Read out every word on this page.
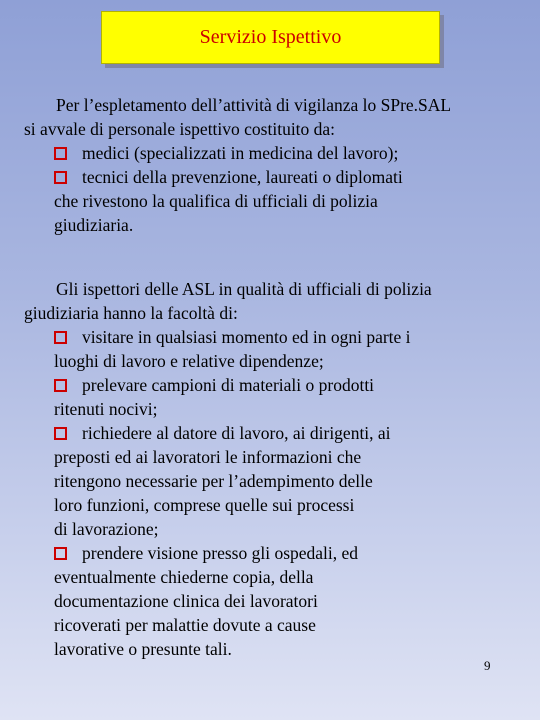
Servizio Ispettivo
Per l’espletamento dell’attività di vigilanza lo SPre.SAL
si avvale di personale ispettivo costituito da:
medici (specializzati in medicina del lavoro);
tecnici della prevenzione, laureati o diplomati
che rivestono la qualifica di ufficiali di polizia
giudiziaria.
Gli ispettori delle ASL in qualità di ufficiali di polizia
giudiziaria hanno la facoltà di:
visitare in qualsiasi momento ed in ogni parte i
luoghi di lavoro e relative dipendenze;
prelevare campioni di materiali o prodotti
ritenuti nocivi;
richiedere al datore di lavoro, ai dirigenti, ai
preposti ed ai lavoratori le informazioni che
ritengono necessarie per l’adempimento delle
loro funzioni, comprese quelle sui processi
di lavorazione;
prendere visione presso gli ospedali, ed
eventualmente chiederne copia, della
documentazione clinica dei lavoratori
ricoverati per malattie dovute a cause
lavorative o presunte tali.
9
